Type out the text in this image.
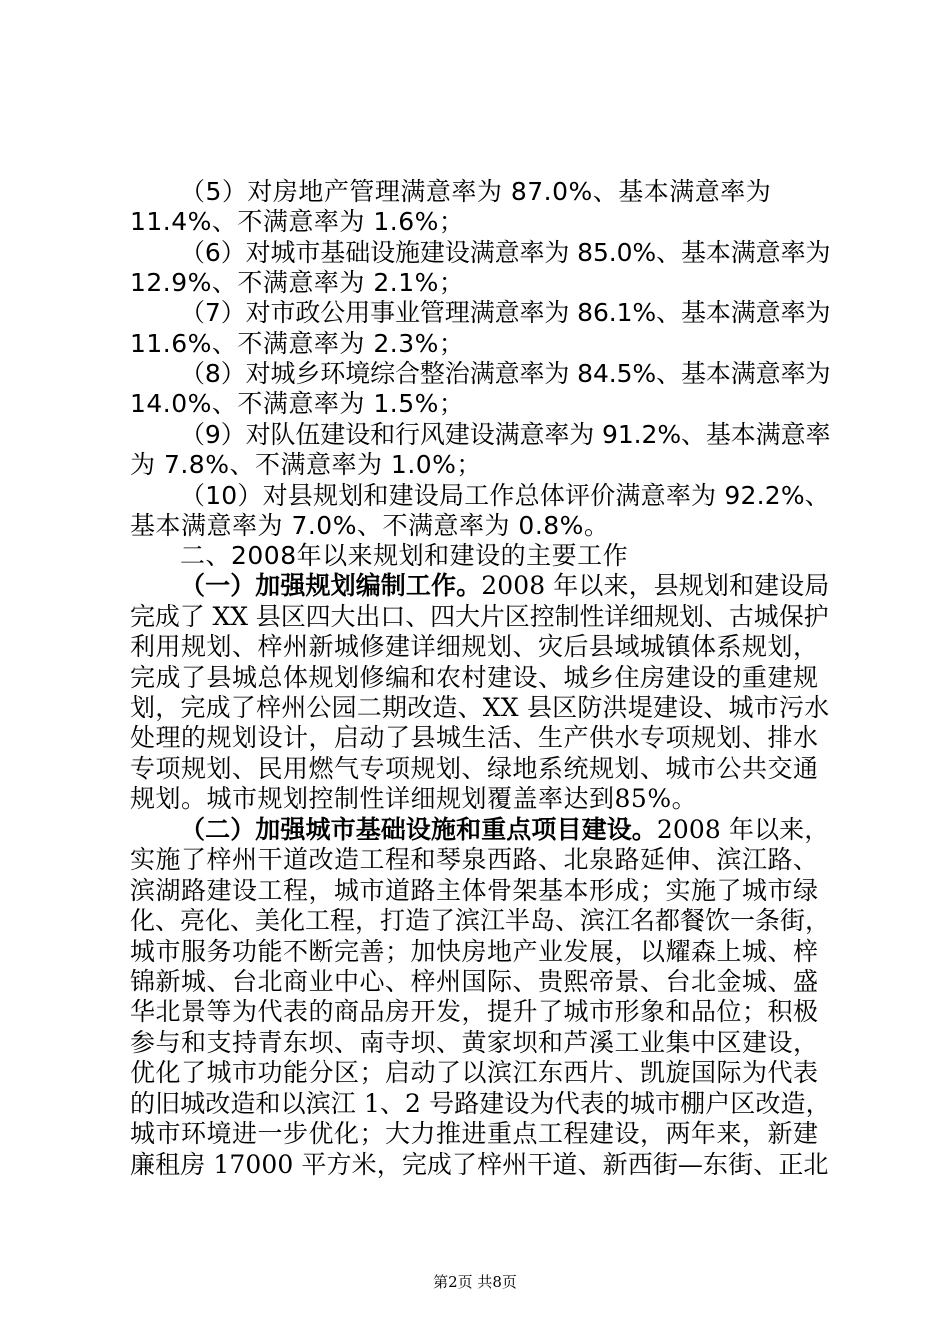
（5）对房地产管理满意率为 87.0%、基本满意率为
11.4%、不满意率为 1.6%；
（6）对城市基础设施建设满意率为 85.0%、基本满意率为
12.9%、不满意率为 2.1%；
（7）对市政公用事业管理满意率为 86.1%、基本满意率为
11.6%、不满意率为 2.3%；
（8）对城乡环境综合整治满意率为 84.5%、基本满意率为
14.0%、不满意率为 1.5%；
（9）对队伍建设和行风建设满意率为 91.2%、基本满意率
为 7.8%、不满意率为 1.0%；
（10）对县规划和建设局工作总体评价满意率为 92.2%、
基本满意率为 7.0%、不满意率为 0.8%。
二、2008年以来规划和建设的主要工作
（一）加强规划编制工作。2008 年以来，县规划和建设局
完成了 XX 县区四大出口、四大片区控制性详细规划、古城保护
利用规划、梓州新城修建详细规划、灾后县域城镇体系规划，
完成了县城总体规划修编和农村建设、城乡住房建设的重建规
划，完成了梓州公园二期改造、XX 县区防洪堤建设、城市污水
处理的规划设计，启动了县城生活、生产供水专项规划、排水
专项规划、民用燃气专项规划、绿地系统规划、城市公共交通
规划。城市规划控制性详细规划覆盖率达到85%。
（二）加强城市基础设施和重点项目建设。2008 年以来，
实施了梓州干道改造工程和琴泉西路、北泉路延伸、滨江路、
滨湖路建设工程，城市道路主体骨架基本形成；实施了城市绿
化、亮化、美化工程，打造了滨江半岛、滨江名都餐饮一条街，
城市服务功能不断完善；加快房地产业发展，以耀森上城、梓
锦新城、台北商业中心、梓州国际、贵熙帝景、台北金城、盛
华北景等为代表的商品房开发，提升了城市形象和品位；积极
参与和支持青东坝、南寺坝、黄家坝和芦溪工业集中区建设，
优化了城市功能分区；启动了以滨江东西片、凯旋国际为代表
的旧城改造和以滨江 1、2 号路建设为代表的城市棚户区改造，
城市环境进一步优化；大力推进重点工程建设，两年来，新建
廉租房 17000 平方米，完成了梓州干道、新西街—东街、正北
第2页 共8页
